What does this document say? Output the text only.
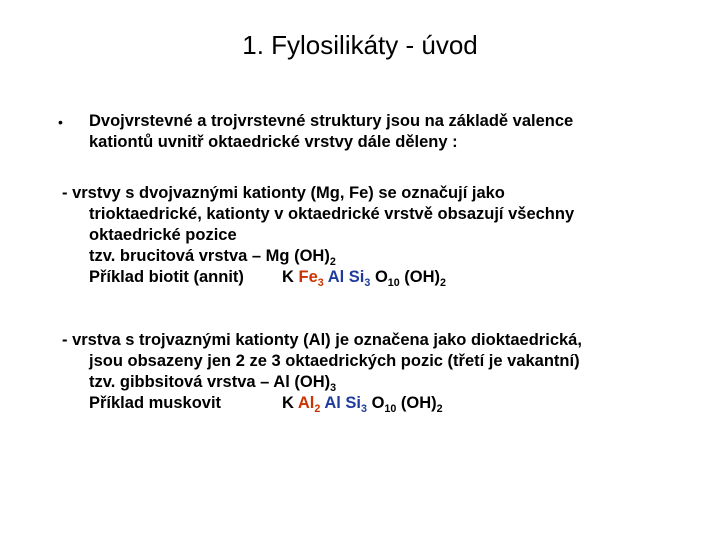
1. Fylosilikáty - úvod
• Dvojvrstevné a trojvrstevné struktury jsou na základě valence
kationtů uvnitř oktaedrické vrstvy dále děleny :
- vrstvy s dvojvaznými kationty (Mg, Fe) se označují jako
trioktaedrické, kationty v oktaedrické vrstvě obsazují všechny
oktaedrické pozice
tzv. brucitová vrstva – Mg $(OH)_2$
Příklad biotit (annit) K $Fe_3$ Al $Si_3$ $O_{10}$ $(OH)_2$
- vrstva s trojvaznými kationty (Al) je označena jako dioktaedrická,
jsou obsazeny jen 2 ze 3 oktaedrických pozic (třetí je vakantní)
tzv. gibbsitová vrstva – Al $(OH)_3$
Příklad muskovit	K $Al_2$ Al $Si_3$ $O_{10}$ $(OH)_2$
